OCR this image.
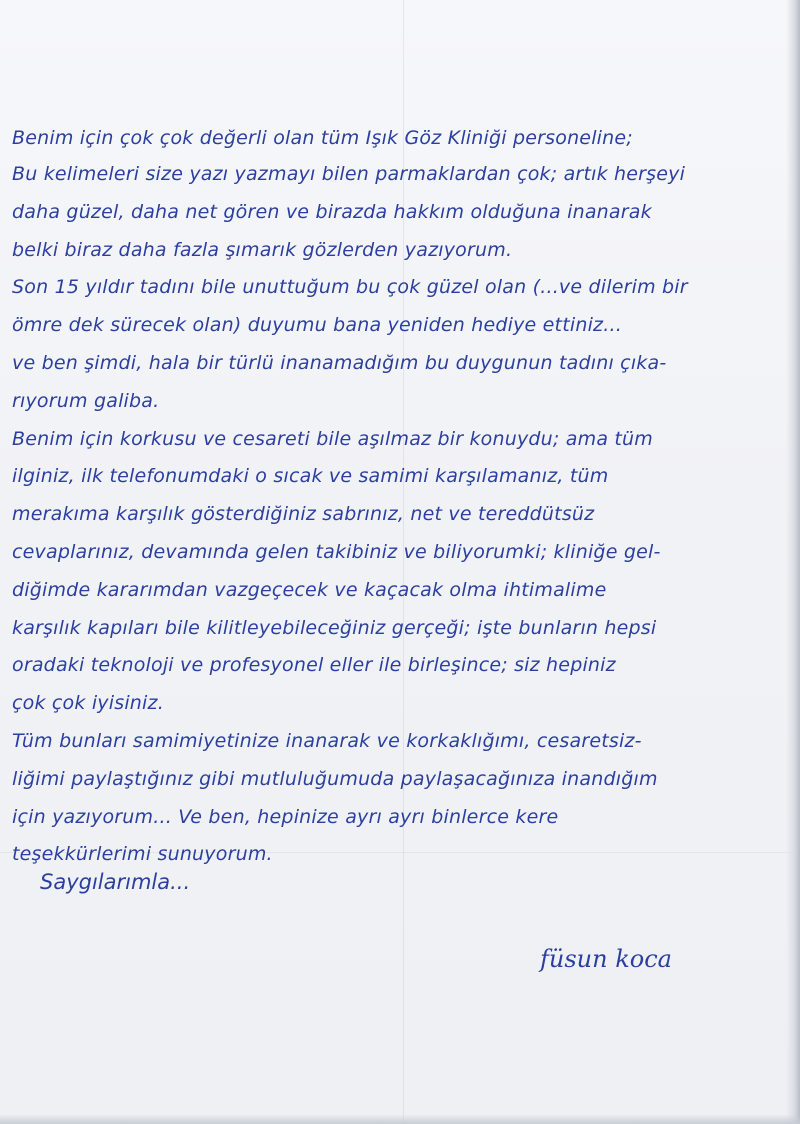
Benim için çok çok değerli olan tüm Işık Göz Kliniği personeline;
Bu kelimeleri size yazı yazmayı bilen parmaklardan çok; artık herşeyi
daha güzel, daha net gören ve birazda hakkım olduğuna inanarak
belki biraz daha fazla şımarık gözlerden yazıyorum.
Son 15 yıldır tadını bile unuttuğum bu çok güzel olan (...ve dilerim bir
ömre dek sürecek olan) duyumu bana yeniden hediye ettiniz...
ve ben şimdi, hala bir türlü inanamadığım bu duygunun tadını çıka-
rıyorum galiba.
Benim için korkusu ve cesareti bile aşılmaz bir konuydu; ama tüm
ilginiz, ilk telefonumdaki o sıcak ve samimi karşılamanız, tüm
merakıma karşılık gösterdiğiniz sabrınız, net ve tereddütsüz
cevaplarınız, devamında gelen takibiniz ve biliyorumki; kliniğe gel-
diğimde kararımdan vazgeçecek ve kaçacak olma ihtimalime
karşılık kapıları bile kilitleyebileceğiniz gerçeği; işte bunların hepsi
oradaki teknoloji ve profesyonel eller ile birleşince; siz hepiniz
çok çok iyisiniz.
Tüm bunları samimiyetinize inanarak ve korkaklığımı, cesaretsiz-
liğimi paylaştığınız gibi mutluluğumuda paylaşacağınıza inandığım
için yazıyorum... Ve ben, hepinize ayrı ayrı binlerce kere
teşekkürlerimi sunuyorum.
Saygılarımla...
füsun koca
